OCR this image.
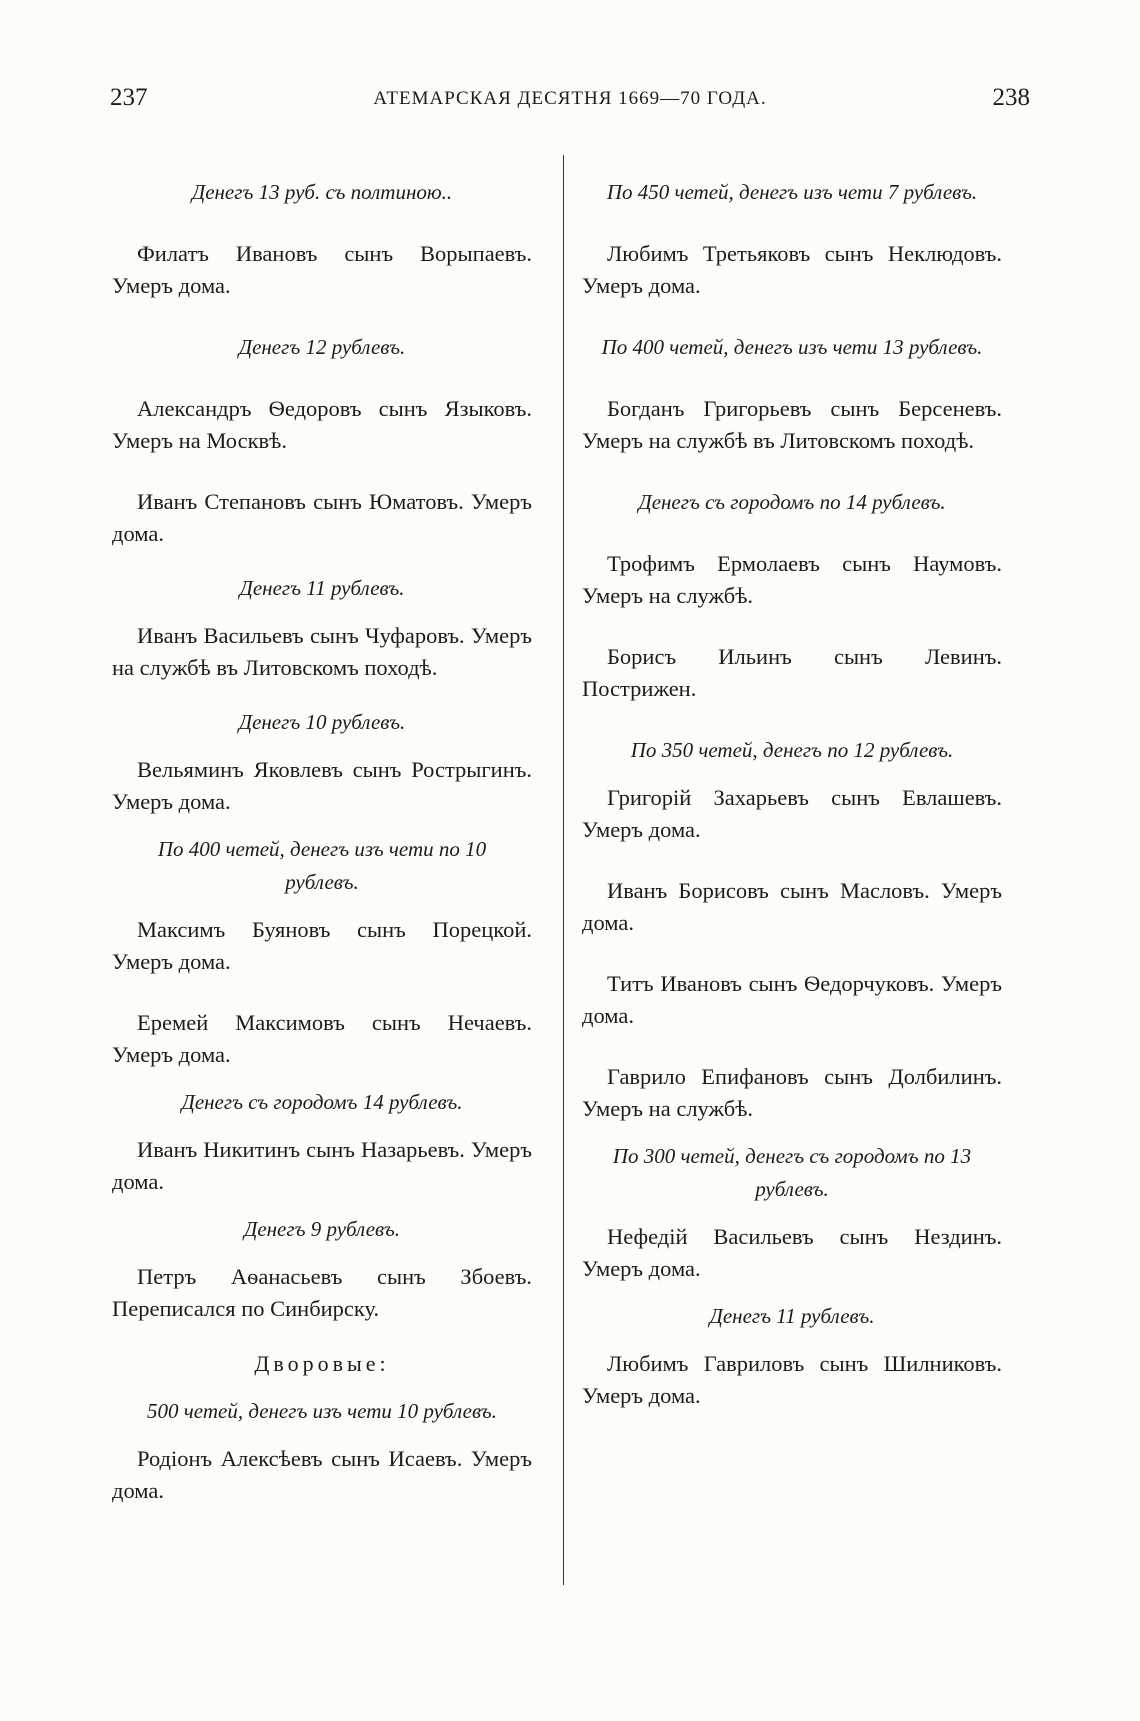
237	АТЕМАРСКАЯ ДЕСЯТНЯ 1669—70 ГОДА.	238

Денегъ 13 руб. съ полтиною..

Филатъ Ивановъ сынъ Ворыпаевъ. Умеръ дома.

Денегъ 12 рублевъ.

Александръ Ѳедоровъ сынъ Языковъ. Умеръ на Москвѣ.

Иванъ Степановъ сынъ Юматовъ. Умеръ дома.

Денегъ 11 рублевъ.

Иванъ Васильевъ сынъ Чуфаровъ. Умеръ на службѣ въ Литовскомъ походѣ.

Денегъ 10 рублевъ.

Вельяминъ Яковлевъ сынъ Рострыгинъ. Умеръ дома.

По 400 четей, денегъ изъ чети по 10 рублевъ.

Максимъ Буяновъ сынъ Порецкой. Умеръ дома.

Еремей Максимовъ сынъ Нечаевъ. Умеръ дома.

Денегъ съ городомъ 14 рублевъ.

Иванъ Никитинъ сынъ Назарьевъ. Умеръ дома.

Денегъ 9 рублевъ.

Петръ Аѳанасьевъ сынъ Збоевъ. Переписался по Синбирску.

Дворовые:

500 четей, денегъ изъ чети 10 рублевъ.

Родіонъ Алексѣевъ сынъ Исаевъ. Умеръ дома.

По 450 четей, денегъ изъ чети 7 рублевъ.

Любимъ Третьяковъ сынъ Неклюдовъ. Умеръ дома.

По 400 четей, денегъ изъ чети 13 рублевъ.

Богданъ Григорьевъ сынъ Берсеневъ. Умеръ на службѣ въ Литовскомъ походѣ.

Денегъ съ городомъ по 14 рублевъ.

Трофимъ Ермолаевъ сынъ Наумовъ. Умеръ на службѣ.

Борисъ Ильинъ сынъ Левинъ. Пострижен.

По 350 четей, денегъ по 12 рублевъ.

Григорій Захарьевъ сынъ Евлашевъ. Умеръ дома.

Иванъ Борисовъ сынъ Масловъ. Умеръ дома.

Титъ Ивановъ сынъ Ѳедорчуковъ. Умеръ дома.

Гаврило Епифановъ сынъ Долбилинъ. Умеръ на службѣ.

По 300 четей, денегъ съ городомъ по 13 рублевъ.

Нефедій Васильевъ сынъ Нездинъ. Умеръ дома.

Денегъ 11 рублевъ.

Любимъ Гавриловъ сынъ Шилниковъ. Умеръ дома.
